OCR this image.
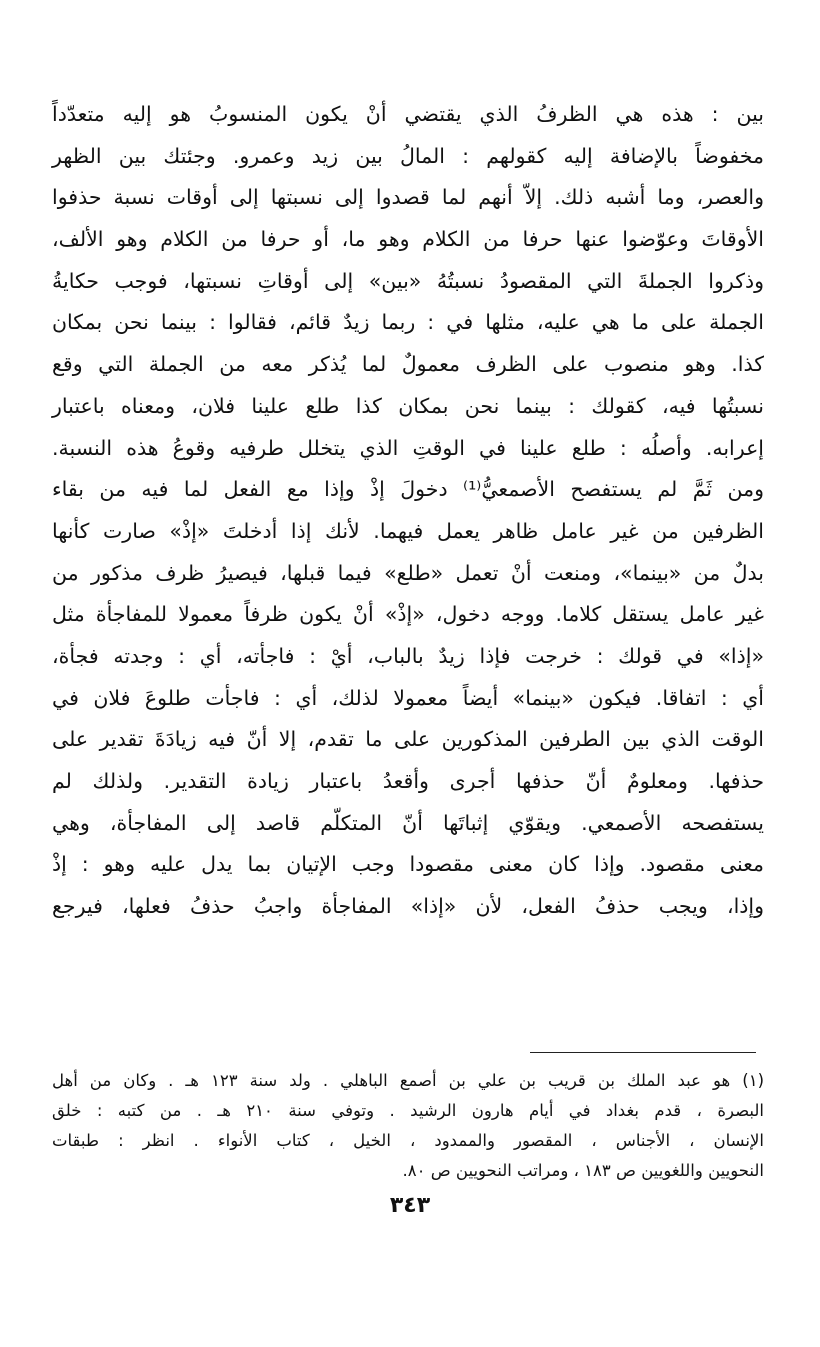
بين : هذه هي الظرفُ الذي يقتضي أنْ يكون المنسوبُ هو إليه متعدّداً
مخفوضاً بالإضافة إليه كقولهم : المالُ بين زيد وعمرو. وجئتك بين الظهر
والعصر، وما أشبه ذلك. إلاّ أنهم لما قصدوا إلى نسبتها إلى أوقات نسبة حذفوا
الأوقاتَ وعوّضوا عنها حرفا من الكلام وهو ما، أو حرفا من الكلام وهو الألف،
وذكروا الجملةَ التي المقصودُ نسبتُهُ «بين» إلى أوقاتِ نسبتها، فوجب حكايةُ
الجملة على ما هي عليه، مثلها في : ربما زيدٌ قائم، فقالوا : بينما نحن بمكان
كذا. وهو منصوب على الظرف معمولٌ لما يُذكر معه من الجملة التي وقع
نسبتُها فيه، كقولك : بينما نحن بمكان كذا طلع علينا فلان، ومعناه باعتبار
إعرابه. وأصلُه : طلع علينا في الوقتِ الذي يتخلل طرفيه وقوعُ هذه النسبة.
ومن ثَمَّ لم يستفصح الأصمعيُّ⁽¹⁾ دخولَ إذْ وإذا مع الفعل لما فيه من بقاء
الظرفين من غير عامل ظاهر يعمل فيهما. لأنك إذا أدخلتَ «إذْ» صارت كأنها
بدلٌ من «بينما»، ومنعت أنْ تعمل «طلع» فيما قبلها، فيصيرُ ظرف مذكور من
غير عامل يستقل كلاما. ووجه دخول، «إذْ» أنْ يكون ظرفاً معمولا للمفاجأة مثل
«إذا» في قولك : خرجت فإذا زيدٌ بالباب، أيْ : فاجأته، أي : وجدته فجأة،
أي : اتفاقا. فيكون «بينما» أيضاً معمولا لذلك، أي : فاجأت طلوعَ فلان في
الوقت الذي بين الطرفين المذكورين على ما تقدم، إلا أنّ فيه زيادَةَ تقدير على
حذفها. ومعلومٌ أنّ حذفها أجرى وأقعدُ باعتبار زيادة التقدير. ولذلك لم
يستفصحه الأصمعي. ويقوّي إثباتَها أنّ المتكلّم قاصد إلى المفاجأة، وهي
معنى مقصود. وإذا كان معنى مقصودا وجب الإتيان بما يدل عليه وهو : إذْ
وإذا، ويجب حذفُ الفعل، لأن «إذا» المفاجأة واجبُ حذفُ فعلها، فيرجع
(١) هو عبد الملك بن قريب بن علي بن أصمع الباهلي . ولد سنة ١٢٣ هـ . وكان من أهل
البصرة ، قدم بغداد في أيام هارون الرشيد . وتوفي سنة ٢١٠ هـ . من كتبه : خلق
الإنسان ، الأجناس ، المقصور والممدود ، الخيل ، كتاب الأنواء . انظر : طبقات
النحويين واللغويين ص ١٨٣ ، ومراتب النحويين ص ٨٠.
٣٤٣
